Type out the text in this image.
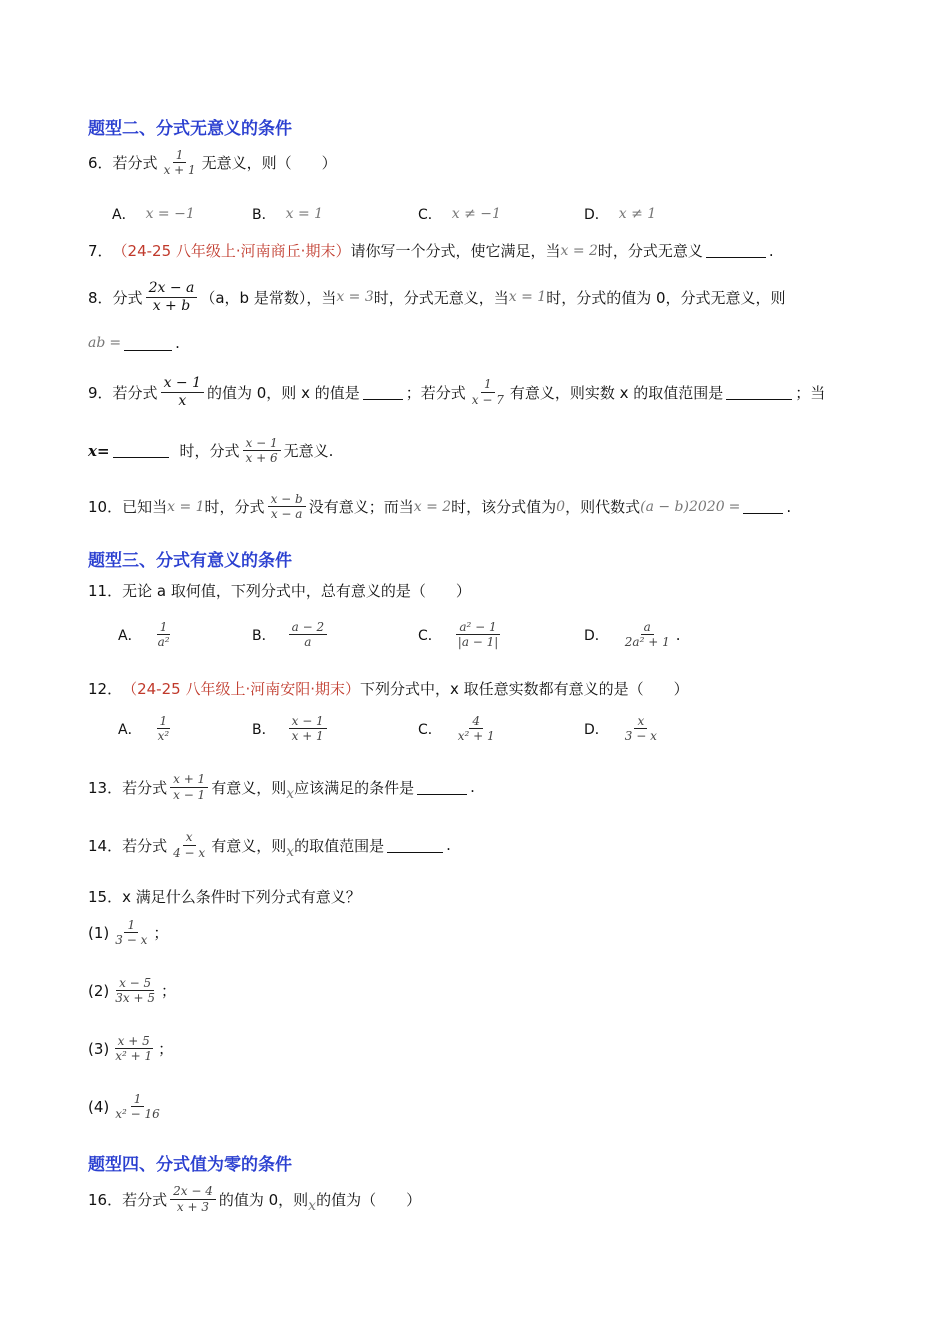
题型二、分式无意义的条件
6． 若分式 $\frac{1}{x + 1}$ 无意义，则（　　）
A． x = −1	B． x = 1	C． x ≠ −1	D． x ≠ 1
7． （24-25 八年级上·河南商丘·期末） 请你写一个分式，使它满足，当 x = 2 时，分式无意义	.
8． 分式 $\frac{2x - a}{x + b} (a$，b 是常数），当 x = 3 时，分式无意义，当 x = 1 时，分式的值为 0，分式无意义，则
a b =	.
9． 若分式 $\frac{x - 1}{x}$ 的值为 0，则 x 的值是	；若分式 $\frac{1}{x - 7}$ 有意义，则实数 x 的取值范围是	；当
x=	时，分式 $\frac{x - 1}{x + 6}$ 无意义.
10． 已知当 x = 1 时，分式 $\frac{x - b}{x - a}$ 没有意义；而当 x = 2 时，该分式值为 0 ，则代数式 (a − b) 2020 =	.
题型三、分式有意义的条件
11． 无论 a 取何值，下列分式中，总有意义的是（　　）
A． $\frac{1}{\text{a²}}$	B． $\frac{a - 2}{a}$	C． $\frac{\text{a² − 1}}{|a - 1|}$	D． $\frac{a}{\text{2a² + 1}}$ .
12． （24-25 八年级上·河南安阳·期末） 下列分式中，x 取任意实数都有意义的是（　　）
A． $\frac{1}{\text{x²}}$	B． $\frac{x - 1}{x + 1}$	C． $\frac{4}{\text{x² + 1}}$	D． $\frac{x}{3 - x}$
13． 若分式 $\frac{x + 1}{x - 1}$ 有意义，则 x 应该满足的条件是	.
14． 若分式 $\frac{x}{4 - x}$ 有意义，则 x 的取值范围是	.
15． x 满足什么条件时下列分式有意义？
$(1) \frac{1}{3 - x}$ ；
$(2) \frac{x - 5}{3x + 5}$ ；
$(3) \frac{x + 5}{\text{x² + 1}}$ ；
$(4) \frac{1}{\text{x² − 16}}$
题型四、分式值为零的条件
16． 若分式 $\frac{2x - 4}{x + 3}$ 的值为 0，则 x 的值为（　　）
